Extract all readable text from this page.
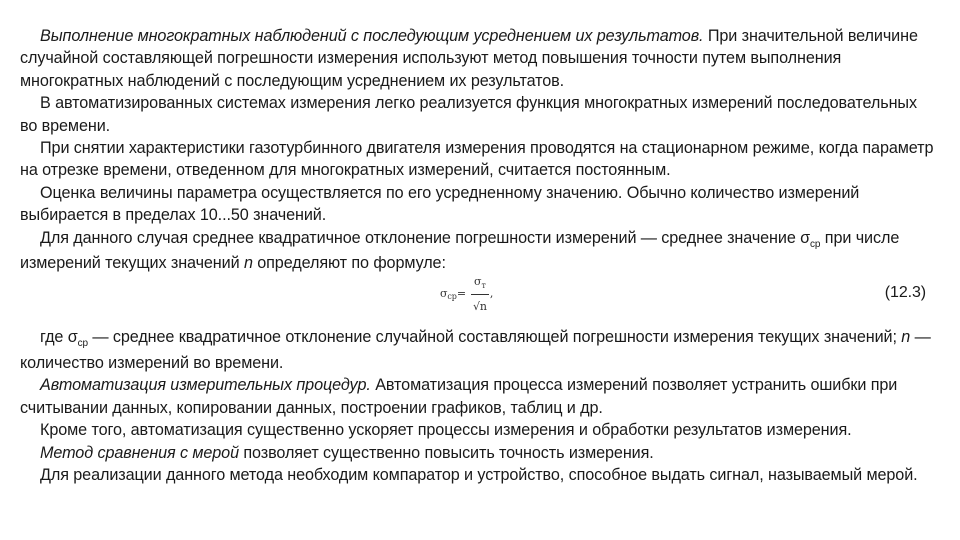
Выполнение многократных наблюдений с последующим усреднением их результатов. При значительной величине случайной составляющей погрешности измерения используют метод повышения точности путем выполнения многократных наблюдений с последующим усреднением их результатов.

В автоматизированных системах измерения легко реализуется функция многократных измерений последовательных во времени.

При снятии характеристики газотурбинного двигателя измерения проводятся на стационарном режиме, когда параметр на отрезке времени, отведенном для многократных измерений, считается постоянным.

Оценка величины параметра осуществляется по его усредненному значению. Обычно количество измерений выбирается в пределах 10...50 значений.

Для данного случая среднее квадратичное отклонение погрешности измерений — среднее значение $\sigma_{ср}$ при числе измерений текущих значений n определяют по формуле:

σ ср = $\frac{\sigma_т}{√n}$ ,	(12.3)

где $\sigma_{ср}$ — среднее квадратичное отклонение случайной составляющей погрешности измерения текущих значений; n — количество измерений во времени.

Автоматизация измерительных процедур. Автоматизация процесса измерений позволяет устранить ошибки при считывании данных, копировании данных, построении графиков, таблиц и др.

Кроме того, автоматизация существенно ускоряет процессы измерения и обработки результатов измерения.

Метод сравнения с мерой позволяет существенно повысить точность измерения.

Для реализации данного метода необходим компаратор и устройство, способное выдать сигнал, называемый мерой.
